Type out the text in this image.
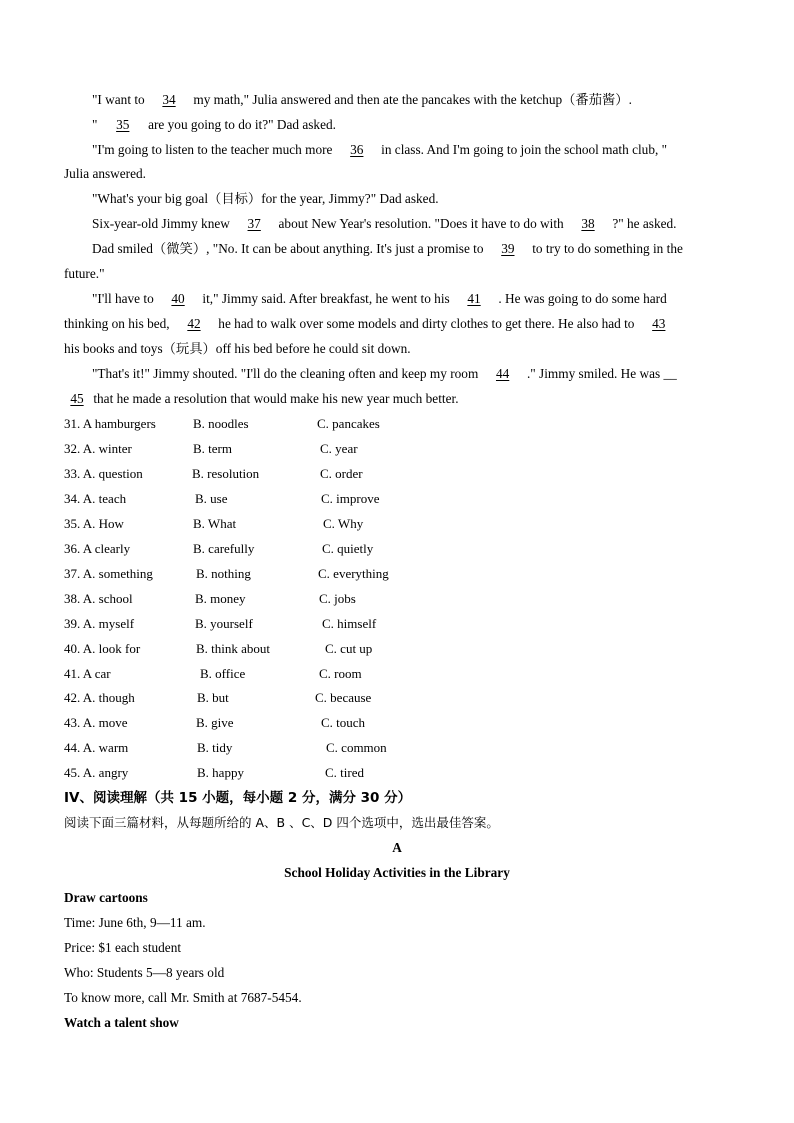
"I want to 34 my math," Julia answered and then ate the pancakes with the ketchup（番茄酱）.
" 35 are you going to do it?" Dad asked.
"I'm going to listen to the teacher much more 36 in class. And I'm going to join the school math club, "
Julia answered.
"What's your big goal（目标）for the year, Jimmy?" Dad asked.
Six-year-old Jimmy knew 37 about New Year's resolution. "Does it have to do with 38 ?" he asked.
Dad smiled（微笑）, "No. It can be about anything. It's just a promise to 39 to try to do something in the
future."
"I'll have to 40 it," Jimmy said. After breakfast, he went to his 41 . He was going to do some hard
thinking on his bed, 42 he had to walk over some models and dirty clothes to get there. He also had to 43
his books and toys（玩具）off his bed before he could sit down.
"That's it!" Jimmy shouted. "I'll do the cleaning often and keep my room 44 ." Jimmy smiled. He was __
45 that he made a resolution that would make his new year much better.
31. A hamburgers	B. noodles	C. pancakes
32. A. winter	B. term	C. year
33. A. question	B. resolution	C. order
34. A. teach	B. use	C. improve
35. A. How	B. What	C. Why
36. A clearly	B. carefully	C. quietly
37. A. something	B. nothing	C. everything
38. A. school	B. money	C. jobs
39. A. myself	B. yourself	C. himself
40. A. look for	B. think about	C. cut up
41. A car	B. office	C. room
42. A. though	B. but	C. because
43. A. move	B. give	C. touch
44. A. warm	B. tidy	C. common
45. A. angry	B. happy	C. tired
IV、阅读理解（共 15 小题，每小题 2 分，满分 30 分）
阅读下面三篇材料，从每题所给的 A、B 、C、D 四个选项中，选出最佳答案。
A
School Holiday Activities in the Library
Draw cartoons
Time: June 6th, 9—11 am.
Price: $1 each student
Who: Students 5—8 years old
To know more, call Mr. Smith at 7687-5454.
Watch a talent show
